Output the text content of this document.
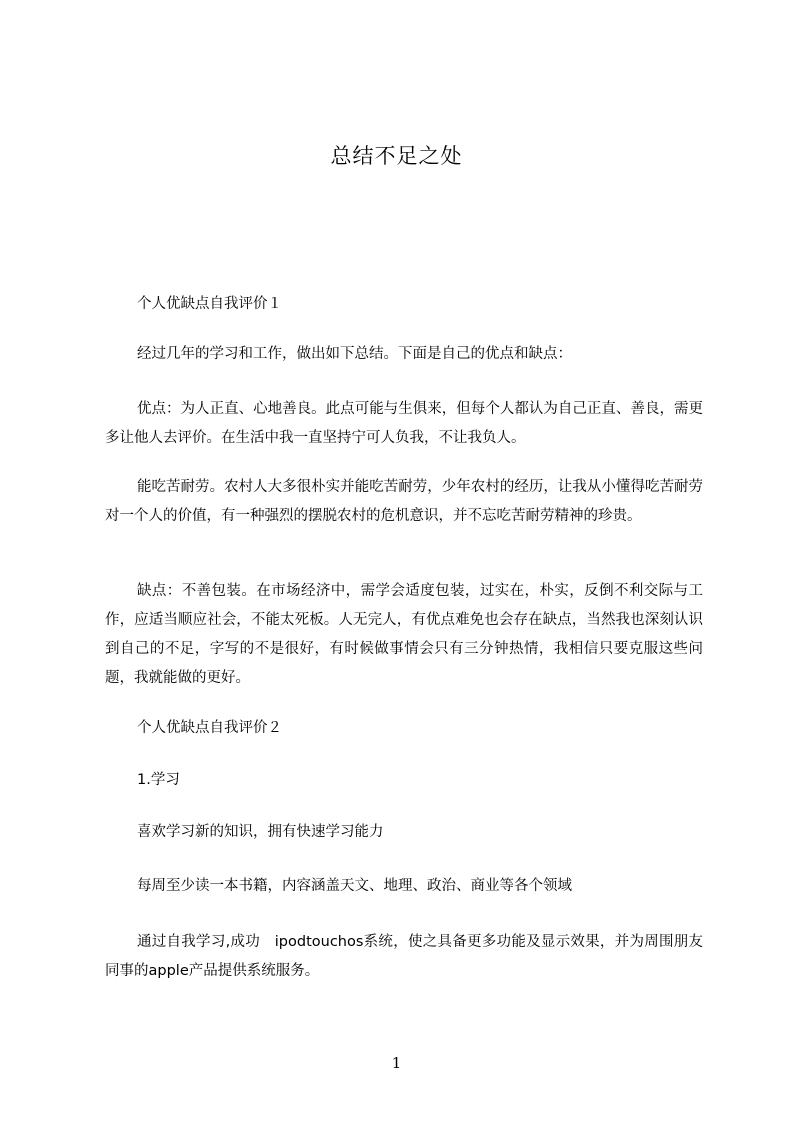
总结不足之处

个人优缺点自我评价１

经过几年的学习和工作，做出如下总结。下面是自己的优点和缺点：

优点：为人正直、心地善良。此点可能与生俱来，但每个人都认为自己正直、善良，需更多让他人去评价。在生活中我一直坚持宁可人负我，不让我负人。

能吃苦耐劳。农村人大多很朴实并能吃苦耐劳，少年农村的经历，让我从小懂得吃苦耐劳对一个人的价值，有一种强烈的摆脱农村的危机意识，并不忘吃苦耐劳精神的珍贵。

缺点：不善包装。在市场经济中，需学会适度包装，过实在，朴实，反倒不利交际与工作，应适当顺应社会，不能太死板。人无完人，有优点难免也会存在缺点，当然我也深刻认识到自己的不足，字写的不是很好，有时候做事情会只有三分钟热情，我相信只要克服这些问题，我就能做的更好。

个人优缺点自我评价２

1.学习

喜欢学习新的知识，拥有快速学习能力

每周至少读一本书籍，内容涵盖天文、地理、政治、商业等各个领域

通过自我学习,成功　ipodtouchos系统，使之具备更多功能及显示效果，并为周围朋友同事的apple产品提供系统服务。

1
